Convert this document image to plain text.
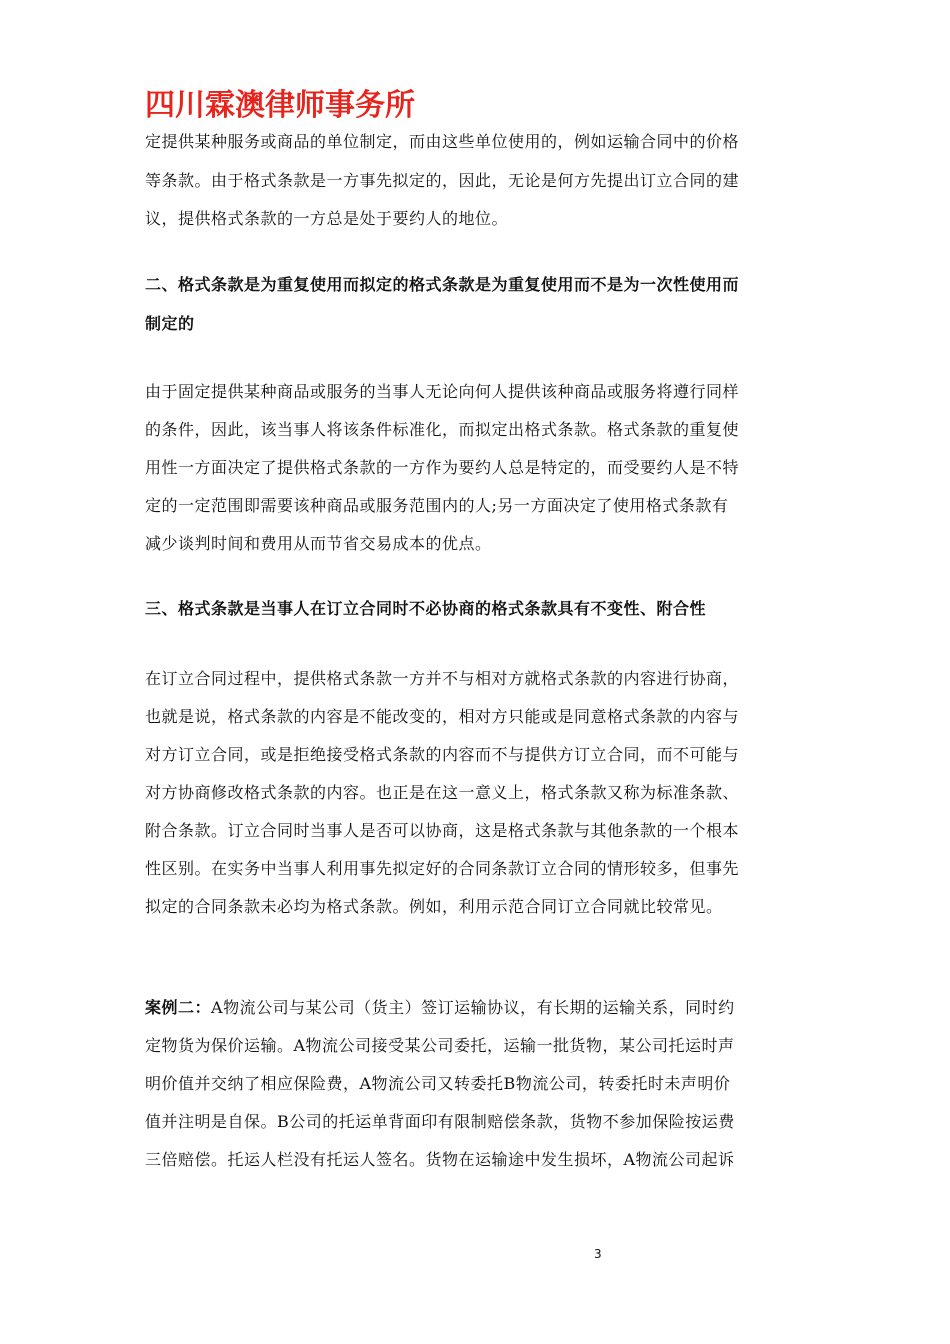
四川霖澳律师事务所
定提供某种服务或商品的单位制定，而由这些单位使用的，例如运输合同中的价格
等条款。由于格式条款是一方事先拟定的，因此，无论是何方先提出订立合同的建
议，提供格式条款的一方总是处于要约人的地位。
二、格式条款是为重复使用而拟定的格式条款是为重复使用而不是为一次性使用而
制定的
由于固定提供某种商品或服务的当事人无论向何人提供该种商品或服务将遵行同样
的条件，因此，该当事人将该条件标准化，而拟定出格式条款。格式条款的重复使
用性一方面决定了提供格式条款的一方作为要约人总是特定的，而受要约人是不特
定的一定范围即需要该种商品或服务范围内的人;另一方面决定了使用格式条款有
减少谈判时间和费用从而节省交易成本的优点。
三、格式条款是当事人在订立合同时不必协商的格式条款具有不变性、附合性
在订立合同过程中，提供格式条款一方并不与相对方就格式条款的内容进行协商，
也就是说，格式条款的内容是不能改变的，相对方只能或是同意格式条款的内容与
对方订立合同，或是拒绝接受格式条款的内容而不与提供方订立合同，而不可能与
对方协商修改格式条款的内容。也正是在这一意义上，格式条款又称为标准条款、
附合条款。订立合同时当事人是否可以协商，这是格式条款与其他条款的一个根本
性区别。在实务中当事人利用事先拟定好的合同条款订立合同的情形较多，但事先
拟定的合同条款未必均为格式条款。例如，利用示范合同订立合同就比较常见。
案例二：A物流公司与某公司（货主）签订运输协议，有长期的运输关系，同时约
定物货为保价运输。A物流公司接受某公司委托，运输一批货物，某公司托运时声
明价值并交纳了相应保险费，A物流公司又转委托B物流公司，转委托时未声明价
值并注明是自保。B公司的托运单背面印有限制赔偿条款，货物不参加保险按运费
三倍赔偿。托运人栏没有托运人签名。货物在运输途中发生损坏，A物流公司起诉
3
